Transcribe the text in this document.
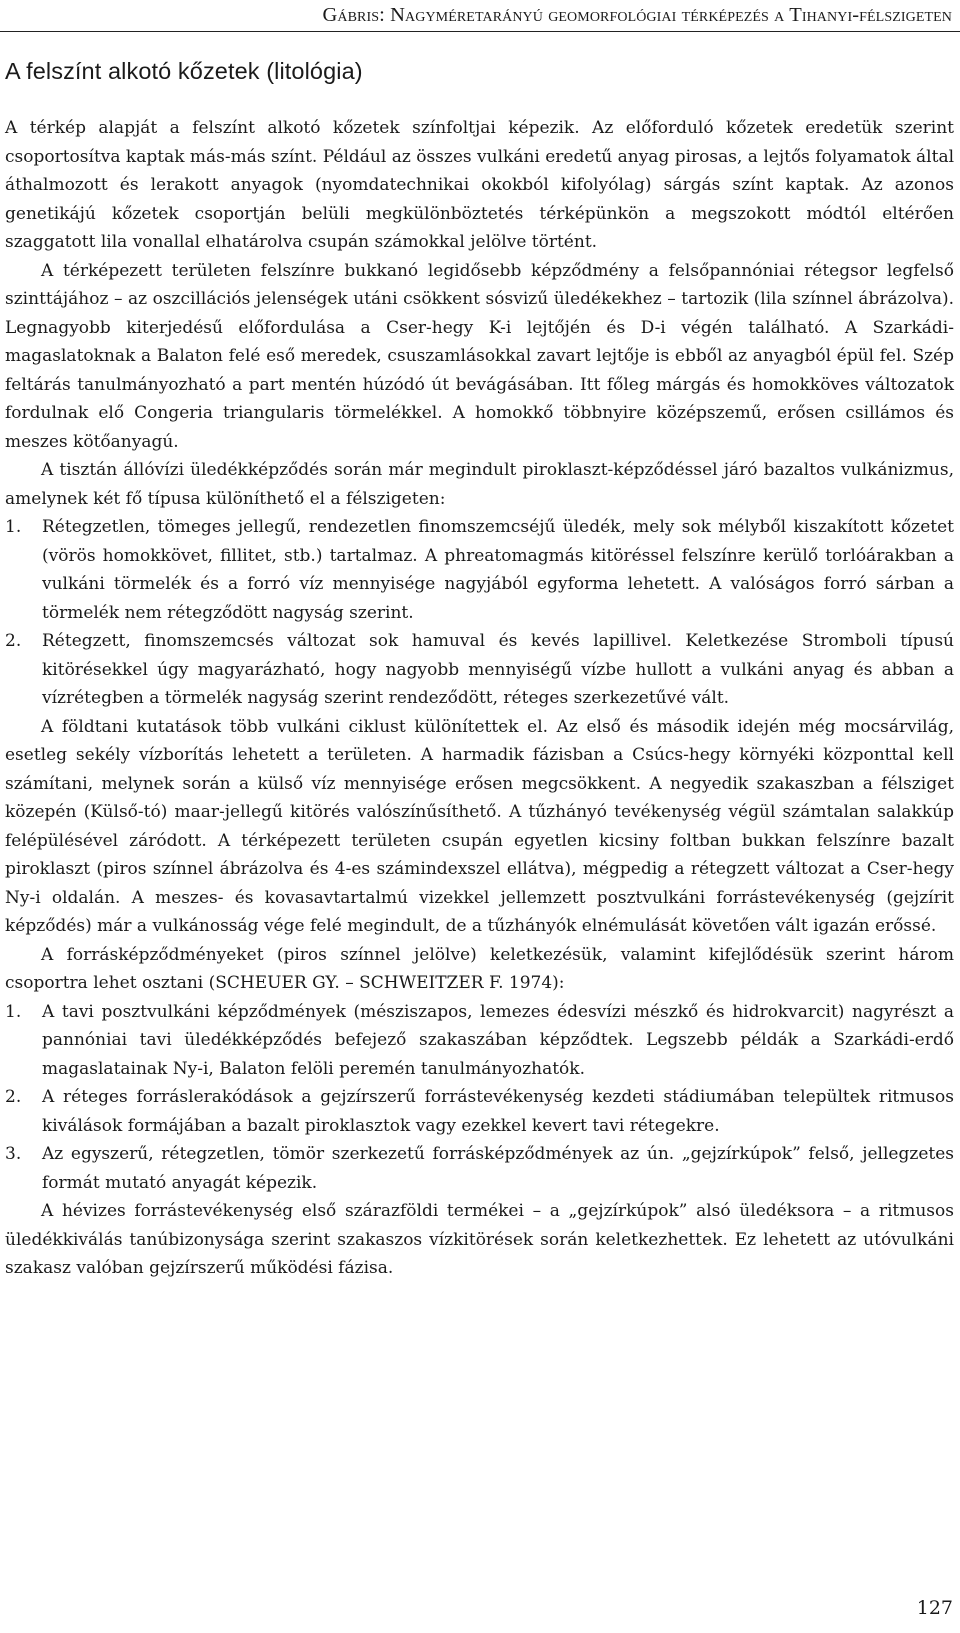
Gábris: Nagyméretarányú geomorfológiai térképezés a Tihanyi-félszigeten
A felszínt alkotó kőzetek (litológia)

A térkép alapját a felszínt alkotó kőzetek színfoltjai képezik. Az előforduló kőzetek eredetük szerint csoportosítva kaptak más-más színt. Például az összes vulkáni eredetű anyag pirosas, a lejtős folyamatok által áthalmozott és lerakott anyagok (nyomdatechnikai okokból kifolyólag) sárgás színt kaptak. Az azonos genetikájú kőzetek csoportján belüli megkülönböztetés térképünkön a megszokott módtól eltérően szaggatott lila vonallal elhatárolva csupán számokkal jelölve történt.

A térképezett területen felszínre bukkanó legidősebb képződmény a felsőpannóniai rétegsor legfelső szinttájához – az oszcillációs jelenségek utáni csökkent sósvizű üledékekhez – tartozik (lila színnel ábrázolva). Legnagyobb kiterjedésű előfordulása a Cser-hegy K-i lejtőjén és D-i végén található. A Szarkádi-magaslatoknak a Balaton felé eső meredek, csuszamlásokkal zavart lejtője is ebből az anyagból épül fel. Szép feltárás tanulmányozható a part mentén húzódó út bevágásában. Itt főleg márgás és homokköves változatok fordulnak elő Congeria triangularis törmelékkel. A homokkő többnyire középszemű, erősen csillámos és meszes kötőanyagú.

A tisztán állóvízi üledékképződés során már megindult piroklaszt-képződéssel járó bazaltos vulkánizmus, amelynek két fő típusa különíthető el a félszigeten:

1. Rétegzetlen, tömeges jellegű, rendezetlen finomszemcséjű üledék, mely sok mélyből kiszakított kőzetet (vörös homokkövet, fillitet, stb.) tartalmaz. A phreatomagmás kitöréssel felszínre kerülő torlóárakban a vulkáni törmelék és a forró víz mennyisége nagyjából egyforma lehetett. A valóságos forró sárban a törmelék nem rétegződött nagyság szerint.
2. Rétegzett, finomszemcsés változat sok hamuval és kevés lapillivel. Keletkezése Stromboli típusú kitörésekkel úgy magyarázható, hogy nagyobb mennyiségű vízbe hullott a vulkáni anyag és abban a vízrétegben a törmelék nagyság szerint rendeződött, réteges szerkezetűvé vált.

A földtani kutatások több vulkáni ciklust különítettek el. Az első és második idején még mocsárvilág, esetleg sekély vízborítás lehetett a területen. A harmadik fázisban a Csúcs-hegy környéki központtal kell számítani, melynek során a külső víz mennyisége erősen megcsökkent. A negyedik szakaszban a félsziget közepén (Külső-tó) maar-jellegű kitörés valószínűsíthető. A tűzhányó tevékenység végül számtalan salakkúp felépülésével záródott. A térképezett területen csupán egyetlen kicsiny foltban bukkan felszínre bazalt piroklaszt (piros színnel ábrázolva és 4-es számindexszel ellátva), mégpedig a rétegzett változat a Cser-hegy Ny-i oldalán. A meszes- és kovasavtartalmú vizekkel jellemzett posztvulkáni forrástevékenység (gejzírit képződés) már a vulkánosság vége felé megindult, de a tűzhányók elnémulását követően vált igazán erőssé.

A forrásképződményeket (piros színnel jelölve) keletkezésük, valamint kifejlődésük szerint három csoportra lehet osztani (SCHEUER GY. – SCHWEITZER F. 1974):

1. A tavi posztvulkáni képződmények (mésziszapos, lemezes édesvízi mészkő és hidrokvarcit) nagyrészt a pannóniai tavi üledékképződés befejező szakaszában képződtek. Legszebb példák a Szarkádi-erdő magaslatainak Ny-i, Balaton felöli peremén tanulmányozhatók.
2. A réteges forráslerakódások a gejzírszerű forrástevékenység kezdeti stádiumában települtek ritmusos kiválások formájában a bazalt piroklasztok vagy ezekkel kevert tavi rétegekre.
3. Az egyszerű, rétegzetlen, tömör szerkezetű forrásképződmények az ún. „gejzírkúpok” felső, jellegzetes formát mutató anyagát képezik.

A hévizes forrástevékenység első szárazföldi termékei – a „gejzírkúpok” alsó üledéksora – a ritmusos üledékkiválás tanúbizonysága szerint szakaszos vízkitörések során keletkezhettek. Ez lehetett az utóvulkáni szakasz valóban gejzírszerű működési fázisa.

127
